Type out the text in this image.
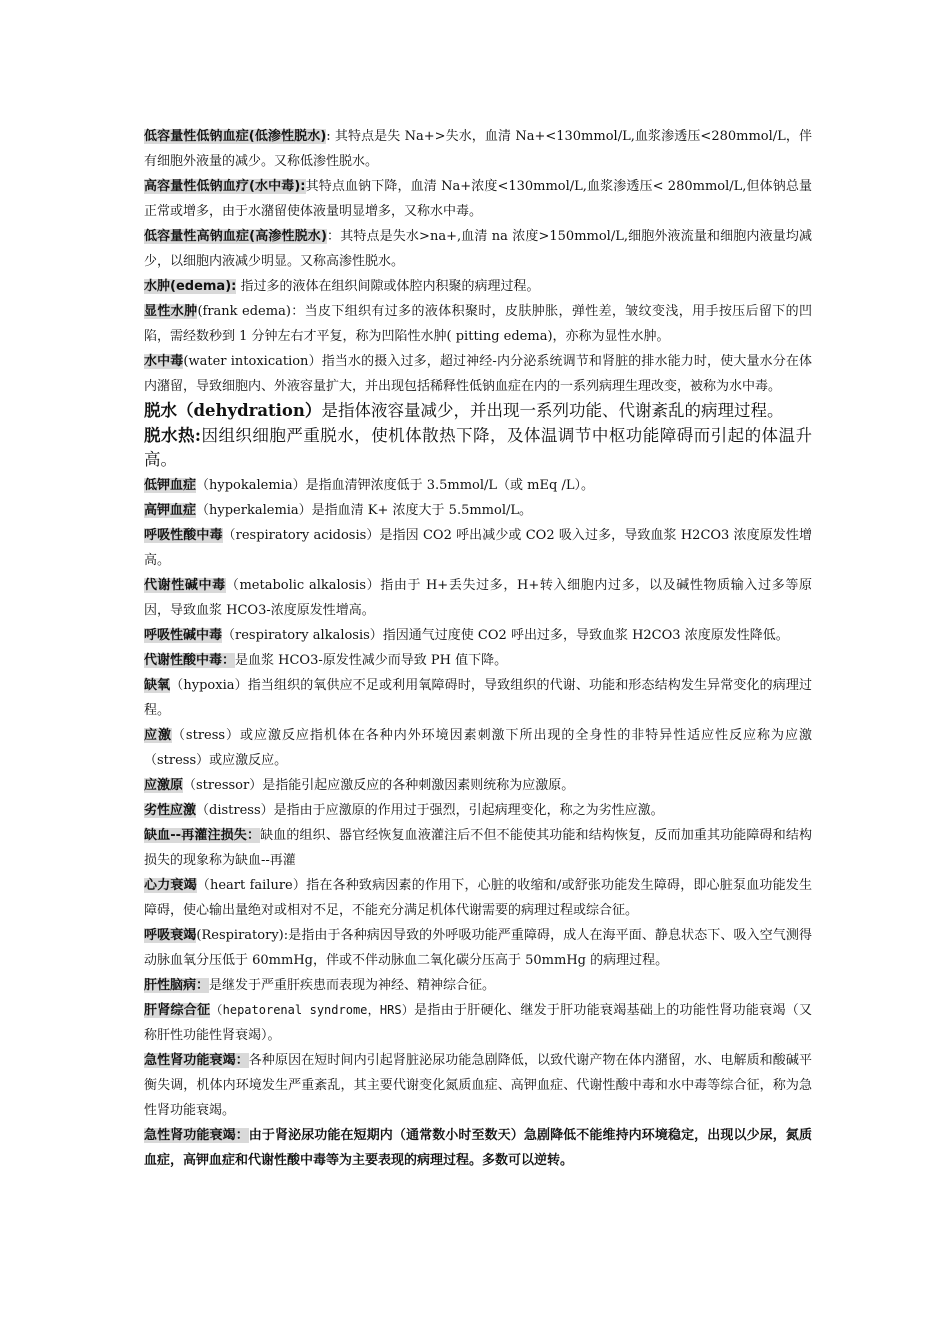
低容量性低钠血症(低渗性脱水): 其特点是失 Na+>失水，血清 Na+<130mmol/L,血浆渗透压<280mmol/L，伴有细胞外液量的减少。又称低渗性脱水。

高容量性低钠血疗(水中毒):其特点血钠下降，血清 Na+浓度<130mmol/L,血浆渗透压< 280mmol/L,但体钠总量正常或增多，由于水潴留使体液量明显增多，又称水中毒。

低容量性高钠血症(高渗性脱水)：其特点是失水>na+,血清 na 浓度>150mmol/L,细胞外液流量和细胞内液量均减少，以细胞内液减少明显。又称高渗性脱水。

水肿(edema): 指过多的液体在组织间隙或体腔内积聚的病理过程。

显性水肿(frank edema)：当皮下组织有过多的液体积聚时，皮肤肿胀，弹性差，皱纹变浅，用手按压后留下的凹陷，需经数秒到 1 分钟左右才平复，称为凹陷性水肿( pitting edema)，亦称为显性水肿。

水中毒(water intoxication）指当水的摄入过多，超过神经-内分泌系统调节和肾脏的排水能力时，使大量水分在体内潴留，导致细胞内、外液容量扩大，并出现包括稀释性低钠血症在内的一系列病理生理改变，被称为水中毒。

脱水（dehydration）是指体液容量减少，并出现一系列功能、代谢紊乱的病理过程。

脱水热:因组织细胞严重脱水，使机体散热下降，及体温调节中枢功能障碍而引起的体温升高。

低钾血症（hypokalemia）是指血清钾浓度低于 3.5mmol/L（或 mEq /L）。

高钾血症（hyperkalemia）是指血清 K+ 浓度大于 5.5mmol/L。

呼吸性酸中毒（respiratory acidosis）是指因 CO2 呼出减少或 CO2 吸入过多，导致血浆 H2CO3 浓度原发性增高。

代谢性碱中毒（metabolic alkalosis）指由于 H+丢失过多，H+转入细胞内过多，以及碱性物质输入过多等原因，导致血浆 HCO3-浓度原发性增高。

呼吸性碱中毒（respiratory alkalosis）指因通气过度使 CO2 呼出过多，导致血浆 H2CO3 浓度原发性降低。

代谢性酸中毒：是血浆 HCO3-原发性减少而导致 PH 值下降。

缺氧（hypoxia）指当组织的氧供应不足或利用氧障碍时，导致组织的代谢、功能和形态结构发生异常变化的病理过程。

应激（stress）或应激反应指机体在各种内外环境因素刺激下所出现的全身性的非特异性适应性反应称为应激（stress）或应激反应。

应激原（stressor）是指能引起应激反应的各种刺激因素则统称为应激原。

劣性应激（distress）是指由于应激原的作用过于强烈，引起病理变化，称之为劣性应激。

缺血--再灌注损失：缺血的组织、器官经恢复血液灌注后不但不能使其功能和结构恢复，反而加重其功能障碍和结构损失的现象称为缺血--再灌

心力衰竭（heart failure）指在各种致病因素的作用下，心脏的收缩和/或舒张功能发生障碍，即心脏泵血功能发生障碍，使心输出量绝对或相对不足，不能充分满足机体代谢需要的病理过程或综合征。

呼吸衰竭(Respiratory):是指由于各种病因导致的外呼吸功能严重障碍，成人在海平面、静息状态下、吸入空气测得动脉血氧分压低于 60mmHg，伴或不伴动脉血二氧化碳分压高于 50mmHg 的病理过程。

肝性脑病：是继发于严重肝疾患而表现为神经、精神综合征。

肝肾综合征（hepatorenal syndrome，HRS）是指由于肝硬化、继发于肝功能衰竭基础上的功能性肾功能衰竭（又称肝性功能性肾衰竭）。

急性肾功能衰竭：各种原因在短时间内引起肾脏泌尿功能急剧降低，以致代谢产物在体内潴留，水、电解质和酸碱平衡失调，机体内环境发生严重紊乱，其主要代谢变化氮质血症、高钾血症、代谢性酸中毒和水中毒等综合征，称为急性肾功能衰竭。

急性肾功能衰竭：由于肾泌尿功能在短期内（通常数小时至数天）急剧降低不能维持内环境稳定，出现以少尿，氮质血症，高钾血症和代谢性酸中毒等为主要表现的病理过程。多数可以逆转。
